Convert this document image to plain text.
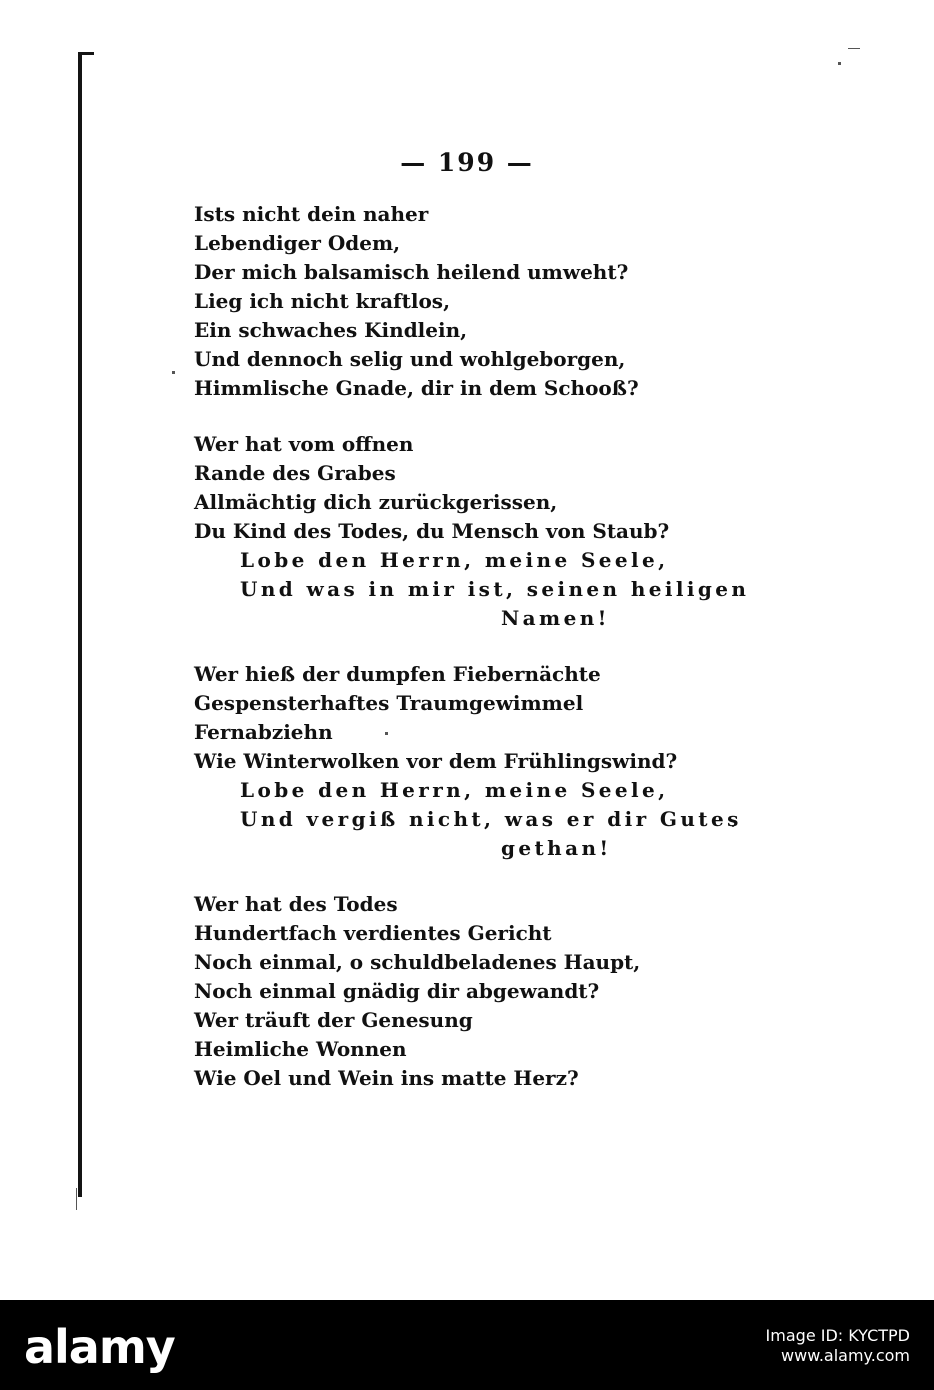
— 199 —
Ists nicht dein naher
Lebendiger Odem,
Der mich balsamisch heilend umweht?
Lieg ich nicht kraftlos,
Ein schwaches Kindlein,
Und dennoch selig und wohlgeborgen,
Himmlische Gnade, dir in dem Schooß?
Wer hat vom offnen
Rande des Grabes
Allmächtig dich zurückgerissen,
Du Kind des Todes, du Mensch von Staub?
Lobe den Herrn, meine Seele,
Und was in mir ist, seinen heiligen
Namen!
Wer hieß der dumpfen Fiebernächte
Gespensterhaftes Traumgewimmel
Fernabziehn
Wie Winterwolken vor dem Frühlingswind?
Lobe den Herrn, meine Seele,
Und vergiß nicht, was er dir Gutes
gethan!
Wer hat des Todes
Hundertfach verdientes Gericht
Noch einmal, o schuldbeladenes Haupt,
Noch einmal gnädig dir abgewandt?
Wer träuft der Genesung
Heimliche Wonnen
Wie Oel und Wein ins matte Herz?
alamy	Image ID: KYCTPD
www.alamy.com
